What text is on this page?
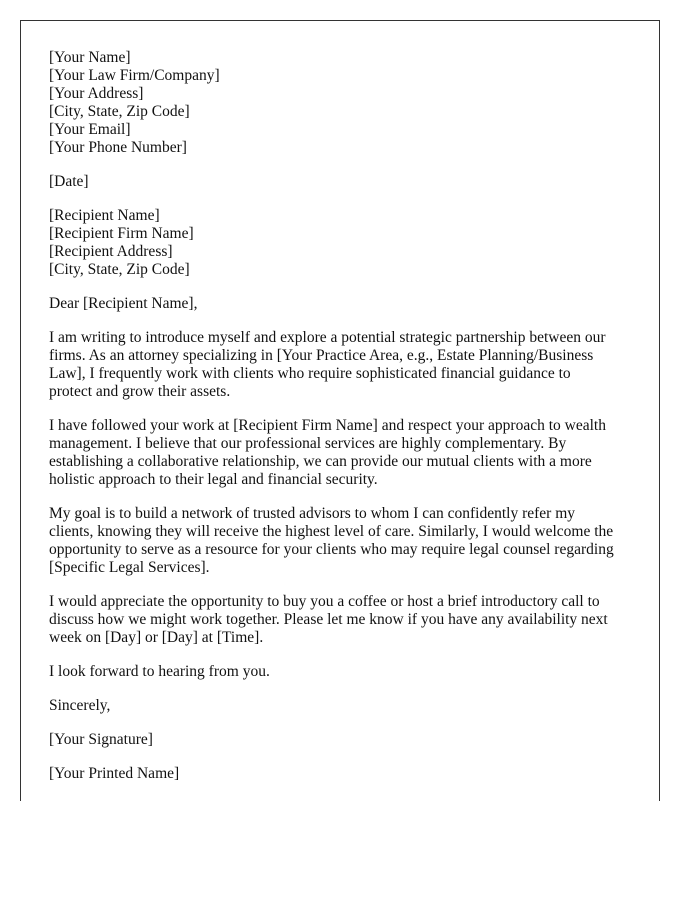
[Your Name]
[Your Law Firm/Company]
[Your Address]
[City, State, Zip Code]
[Your Email]
[Your Phone Number]
[Date]
[Recipient Name]
[Recipient Firm Name]
[Recipient Address]
[City, State, Zip Code]

Dear [Recipient Name],

I am writing to introduce myself and explore a potential strategic partnership between our
firms. As an attorney specializing in [Your Practice Area, e.g., Estate Planning/Business
Law], I frequently work with clients who require sophisticated financial guidance to
protect and grow their assets.

I have followed your work at [Recipient Firm Name] and respect your approach to wealth
management. I believe that our professional services are highly complementary. By
establishing a collaborative relationship, we can provide our mutual clients with a more
holistic approach to their legal and financial security.

My goal is to build a network of trusted advisors to whom I can confidently refer my
clients, knowing they will receive the highest level of care. Similarly, I would welcome the
opportunity to serve as a resource for your clients who may require legal counsel regarding
[Specific Legal Services].

I would appreciate the opportunity to buy you a coffee or host a brief introductory call to
discuss how we might work together. Please let me know if you have any availability next
week on [Day] or [Day] at [Time].

I look forward to hearing from you.

Sincerely,

[Your Signature]

[Your Printed Name]
